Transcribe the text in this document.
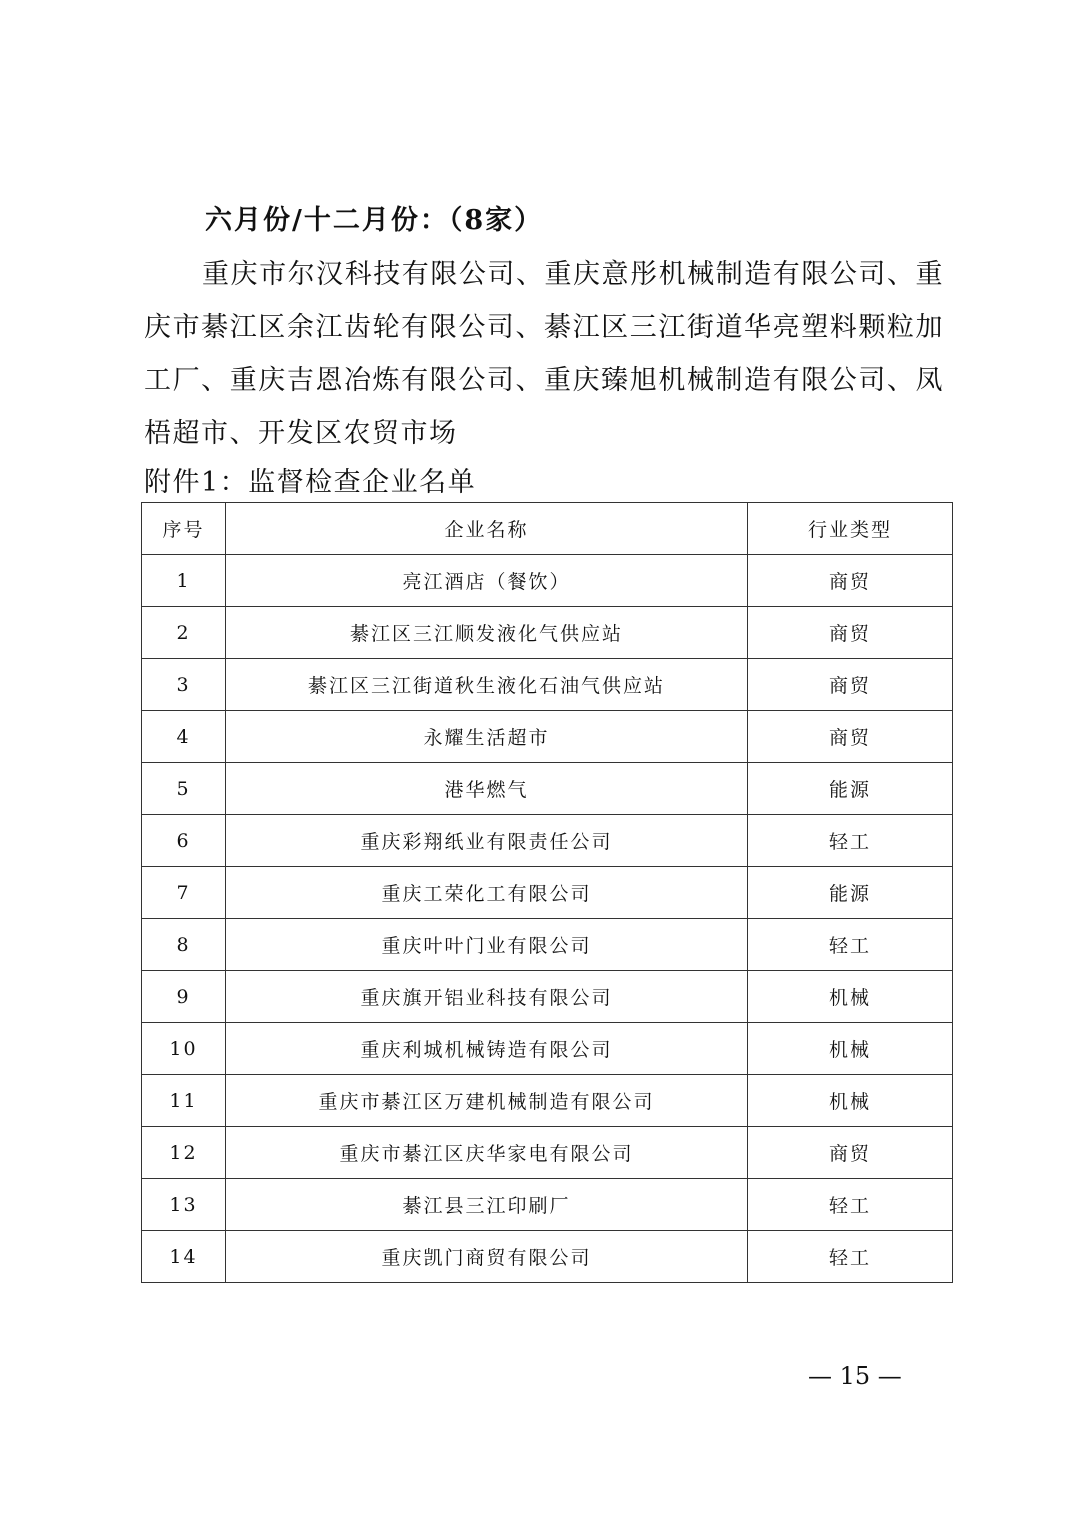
六月份/十二月份：（8家）
重庆市尔汉科技有限公司、重庆意彤机械制造有限公司、重庆市綦江区余江齿轮有限公司、綦江区三江街道华亮塑料颗粒加工厂、重庆吉恩冶炼有限公司、重庆臻旭机械制造有限公司、凤梧超市、开发区农贸市场
附件1：监督检查企业名单
序号	企业名称	行业类型
1	亮江酒店（餐饮）	商贸
2	綦江区三江顺发液化气供应站	商贸
3	綦江区三江街道秋生液化石油气供应站	商贸
4	永耀生活超市	商贸
5	港华燃气	能源
6	重庆彩翔纸业有限责任公司	轻工
7	重庆工荣化工有限公司	能源
8	重庆叶叶门业有限公司	轻工
9	重庆旗开铝业科技有限公司	机械
10	重庆利城机械铸造有限公司	机械
11	重庆市綦江区万建机械制造有限公司	机械
12	重庆市綦江区庆华家电有限公司	商贸
13	綦江县三江印刷厂	轻工
14	重庆凯门商贸有限公司	轻工
— 15 —
